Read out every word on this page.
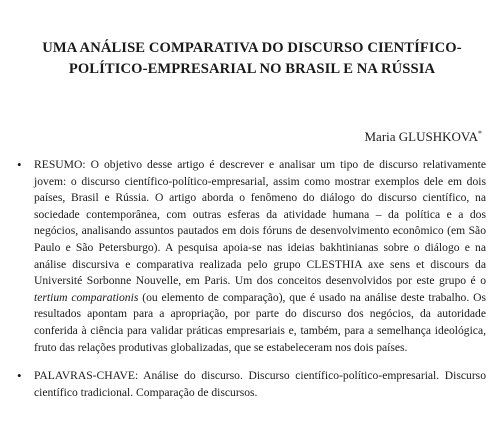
UMA ANÁLISE COMPARATIVA DO DISCURSO CIENTÍFICO-
POLÍTICO-EMPRESARIAL NO BRASIL E NA RÚSSIA
Maria GLUSHKOVA*
•	RESUMO: O objetivo desse artigo é descrever e analisar um tipo de discurso relativamente jovem: o discurso científico-político-empresarial, assim como mostrar exemplos dele em dois países, Brasil e Rússia. O artigo aborda o fenômeno do diálogo do discurso científico, na sociedade contemporânea, com outras esferas da atividade humana – da política e a dos negócios, analisando assuntos pautados em dois fóruns de desenvolvimento econômico (em São Paulo e São Petersburgo). A pesquisa apoia-se nas ideias bakhtinianas sobre o diálogo e na análise discursiva e comparativa realizada pelo grupo CLESTHIA axe sens et discours da Université Sorbonne Nouvelle, em Paris. Um dos conceitos desenvolvidos por este grupo é o tertium comparationis (ou elemento de comparação), que é usado na análise deste trabalho. Os resultados apontam para a apropriação, por parte do discurso dos negócios, da autoridade conferida à ciência para validar práticas empresariais e, também, para a semelhança ideológica, fruto das relações produtivas globalizadas, que se estabeleceram nos dois países.
•	PALAVRAS-CHAVE: Análise do discurso. Discurso científico-político-empresarial. Discurso científico tradicional. Comparação de discursos.
